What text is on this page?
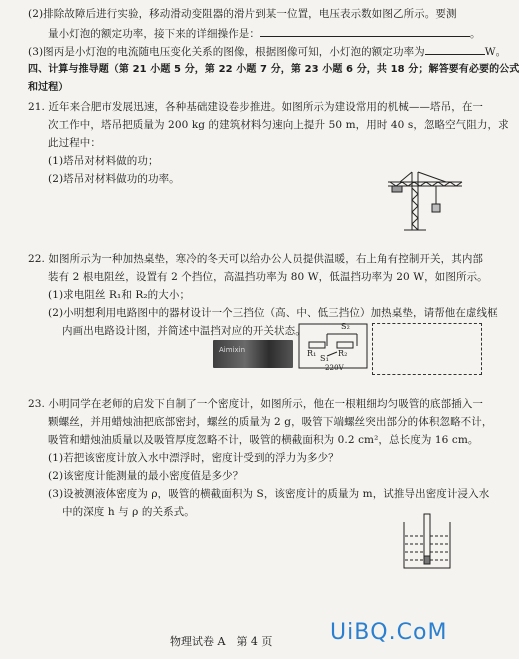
(2)排除故障后进行实验，移动滑动变阻器的滑片到某一位置，电压表示数如图乙所示。要测
量小灯泡的额定功率，接下来的详细操作是：	。
(3)图丙是小灯泡的电流随电压变化关系的图像，根据图像可知，小灯泡的额定功率为	W。
四、计算与推导题（第 21 小题 5 分，第 22 小题 7 分，第 23 小题 6 分，共 18 分；解答要有必要的公式
和过程）
21. 近年来合肥市发展迅速，各种基础建设卷步推进。如图所示为建设常用的机械——塔吊，在一
次工作中，塔吊把质量为 200 kg 的建筑材料匀速向上提升 50 m，用时 40 s，忽略空气阻力，求
此过程中：
(1)塔吊对材料做的功；
(2)塔吊对材料做功的功率。
22. 如图所示为一种加热桌垫，寒冷的冬天可以给办公人员提供温暖，右上角有控制开关，其内部
装有 2 根电阻丝，设置有 2 个挡位，高温挡功率为 80 W，低温挡功率为 20 W，如图所示。
(1)求电阻丝 R₁和 R₂的大小；
(2)小明想利用电路图中的器材设计一个三挡位（高、中、低三挡位）加热桌垫，请帮他在虚线框
内画出电路设计图，并简述中温挡对应的开关状态。
Aimixin
S₂
R₁	R₂
S₁
220V
23. 小明同学在老师的启发下自制了一个密度计，如图所示，他在一根粗细均匀吸管的底部插入一
颗螺丝，并用蜡烛油把底部密封，螺丝的质量为 2 g，吸管下端螺丝突出部分的体积忽略不计，
吸管和蜡烛油质量以及吸管厚度忽略不计，吸管的横截面积为 0.2 cm²，总长度为 16 cm。
(1)若把该密度计放入水中漂浮时，密度计受到的浮力为多少？
(2)该密度计能测量的最小密度值是多少？
(3)设被测液体密度为 ρ，吸管的横截面积为 S，该密度计的质量为 m，试推导出密度计浸入水
中的深度 h 与 ρ 的关系式。
物理试卷 A　第 4 页	UiBQ.CoM
